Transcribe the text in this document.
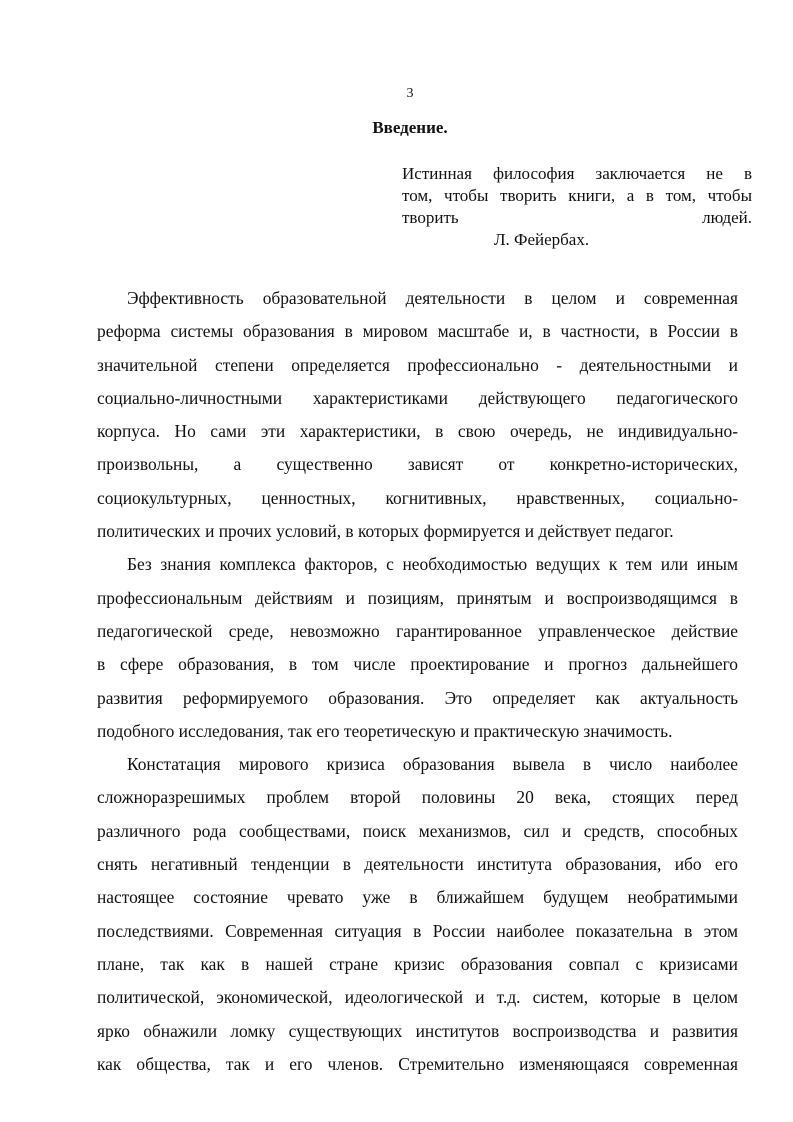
3
Введение.
Истинная философия заключается не в
том, чтобы творить книги, а в том, чтобы
творить людей.
Л. Фейербах.

Эффективность образовательной деятельности в целом и современная
реформа системы образования в мировом масштабе и, в частности, в России в
значительной степени определяется профессионально - деятельностными и
социально-личностными характеристиками действующего педагогического
корпуса. Но сами эти характеристики, в свою очередь, не индивидуально-
произвольны, а существенно зависят от конкретно-исторических,
социокультурных, ценностных, когнитивных, нравственных, социально-
политических и прочих условий, в которых формируется и действует педагог.

Без знания комплекса факторов, с необходимостью ведущих к тем или иным
профессиональным действиям и позициям, принятым и воспроизводящимся в
педагогической среде, невозможно гарантированное управленческое действие
в сфере образования, в том числе проектирование и прогноз дальнейшего
развития реформируемого образования. Это определяет как актуальность
подобного исследования, так его теоретическую и практическую значимость.

Констатация мирового кризиса образования вывела в число наиболее
сложноразрешимых проблем второй половины 20 века, стоящих перед
различного рода сообществами, поиск механизмов, сил и средств, способных
снять негативный тенденции в деятельности института образования, ибо его
настоящее состояние чревато уже в ближайшем будущем необратимыми
последствиями. Современная ситуация в России наиболее показательна в этом
плане, так как в нашей стране кризис образования совпал с кризисами
политической, экономической, идеологической и т.д. систем, которые в целом
ярко обнажили ломку существующих институтов воспроизводства и развития
как общества, так и его членов. Стремительно изменяющаяся современная
